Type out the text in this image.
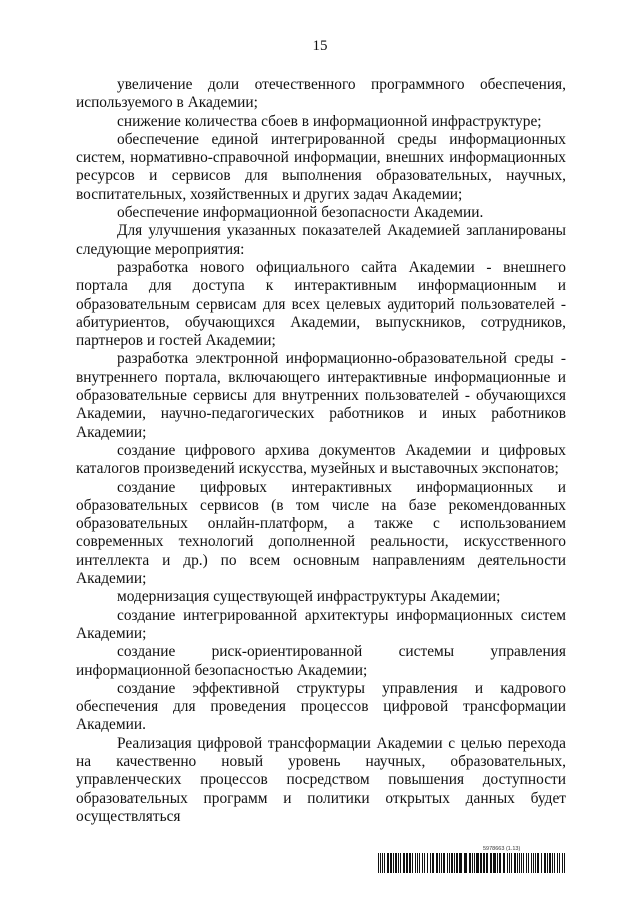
15

увеличение доли отечественного программного обеспечения, используемого в Академии;

снижение количества сбоев в информационной инфраструктуре;

обеспечение единой интегрированной среды информационных систем, нормативно-справочной информации, внешних информационных ресурсов и сервисов для выполнения образовательных, научных, воспитательных, хозяйственных и других задач Академии;

обеспечение информационной безопасности Академии.

Для улучшения указанных показателей Академией запланированы следующие мероприятия:

разработка нового официального сайта Академии - внешнего портала для доступа к интерактивным информационным и образовательным сервисам для всех целевых аудиторий пользователей - абитуриентов, обучающихся Академии, выпускников, сотрудников, партнеров и гостей Академии;

разработка электронной информационно-образовательной среды - внутреннего портала, включающего интерактивные информационные и образовательные сервисы для внутренних пользователей - обучающихся Академии, научно-педагогических работников и иных работников Академии;

создание цифрового архива документов Академии и цифровых каталогов произведений искусства, музейных и выставочных экспонатов;

создание цифровых интерактивных информационных и образовательных сервисов (в том числе на базе рекомендованных образовательных онлайн-платформ, а также с использованием современных технологий дополненной реальности, искусственного интеллекта и др.) по всем основным направлениям деятельности Академии;

модернизация существующей инфраструктуры Академии;

создание интегрированной архитектуры информационных систем Академии;

создание риск-ориентированной системы управления информационной безопасностью Академии;

создание эффективной структуры управления и кадрового обеспечения для проведения процессов цифровой трансформации Академии.

Реализация цифровой трансформации Академии с целью перехода на качественно новый уровень научных, образовательных, управленческих процессов посредством повышения доступности образовательных программ и политики открытых данных будет осуществляться

5978663 (1.13)
